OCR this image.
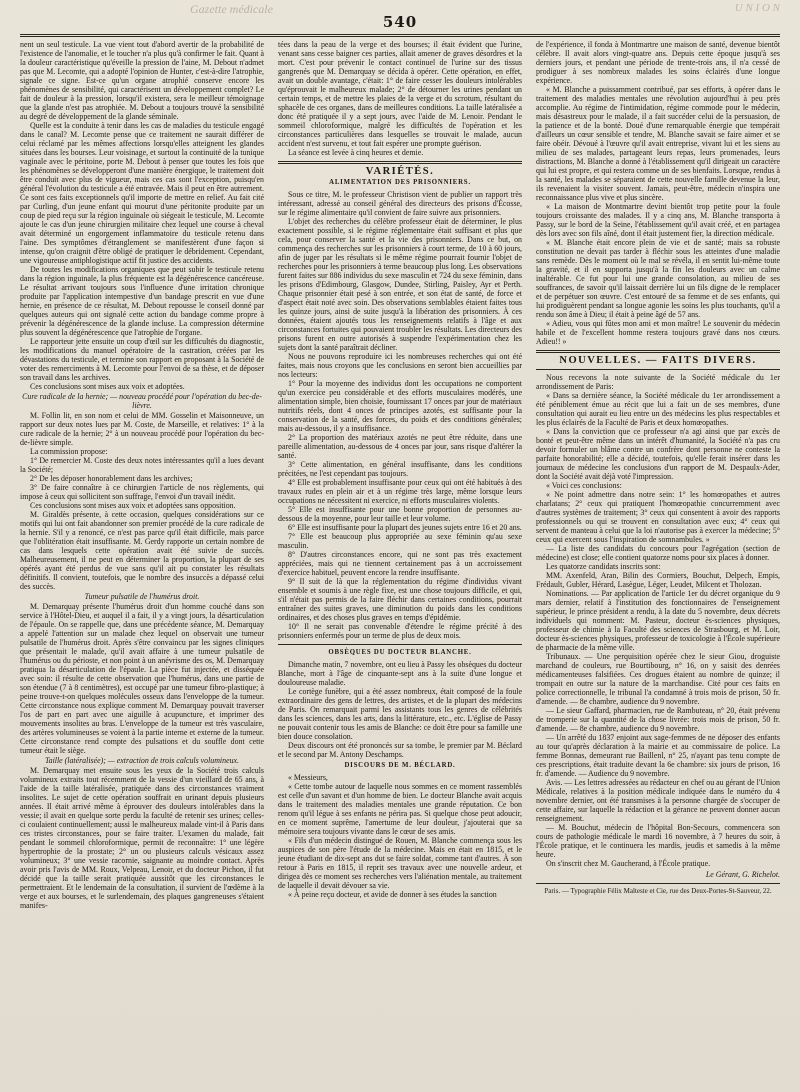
Gazette médicale
540
U N I O N

nent un seul testicule. La vue vient tout d'abord avertir de la probabilité de l'existence de l'anomalie, et le toucher n'a plus qu'à confirmer le fait. Quant à la douleur caractéristique qu'éveille la pression de l'aine, M. Debout n'admet pas que M. Lecomte, qui a adopté l'opinion de Hunter, c'est-à-dire l'atrophie, signale ce signe. Est-ce qu'un organe atrophié conserve encore les phénomènes de sensibilité, qui caractérisent un développement complet? Le fait de douleur à la pression, lorsqu'il existera, sera le meilleur témoignage que la glande n'est pas atrophiée. M. Debout a toujours trouvé la sensibilité au degré de développement de la glande séminale.

Quelle est la conduite à tenir dans les cas de maladies du testicule engagé dans le canal? M. Lecomte pense que ce traitement ne saurait différer de celui réclamé par les mêmes affections lorsqu'elles atteignent les glandes situées dans les bourses. Leur voisinage, et surtout la continuité de la tunique vaginale avec le péritoine, porte M. Debout à penser que toutes les fois que les phénomènes se développeront d'une manière énergique, le traitement doit être conduit avec plus de vigueur, mais ces cas sont l'exception, puisqu'en général l'évolution du testicule a été entravée. Mais il peut en être autrement. Ce sont ces faits exceptionnels qu'il importe de mettre en relief. Au fait cité par Curling, d'un jeune enfant qui mourut d'une péritonite produite par un coup de pied reçu sur la région inguinale où siégeait le testicule, M. Lecomte ajoute le cas d'un jeune chirurgien militaire chez lequel une course à cheval avait déterminé un engorgement inflammatoire du testicule retenu dans l'aine. Des symptômes d'étranglement se manifestèrent d'une façon si intense, qu'on craignit d'être obligé de pratiquer le débridement. Cependant, une vigoureuse antiphlogistique actif fit justice des accidents.

De toutes les modifications organiques que peut subir le testicule retenu dans la région inguinale, la plus fréquente est la dégénérescence cancéreuse. Le résultat arrivant toujours sous l'influence d'une irritation chronique produite par l'application intempestive d'un bandage prescrit en vue d'une hernie, en présence de ce résultat, M. Debout repousse le conseil donné par quelques auteurs qui ont signalé cette action du bandage comme propre à prévenir la dégénérescence de la glande incluse. La compression détermine plus souvent la dégénérescence que l'atrophie de l'organe.

Le rapporteur jette ensuite un coup d'œil sur les difficultés du diagnostic, les modifications du manuel opératoire de la castration, créées par les dévastations du testicule, et termine son rapport en proposant à la Société de voter des remerciments à M. Lecomte pour l'envoi de sa thèse, et de déposer son travail dans les archives.

Ces conclusions sont mises aux voix et adoptées.

Cure radicale de la hernie; — nouveau procédé pour l'opération du bec-de-lièvre.

M. Follin lit, en son nom et celui de MM. Gosselin et Maisonneuve, un rapport sur deux notes lues par M. Coste, de Marseille, et relatives: 1° à la cure radicale de la hernie; 2° à un nouveau procédé pour l'opération du bec-de-lièvre simple.

La commission propose:

1° De remercier M. Coste des deux notes intéressantes qu'il a lues devant la Société;

2° De les déposer honorablement dans les archives;

3° De faire connaître à ce chirurgien l'article de nos règlements, qui impose à ceux qui sollicitent son suffrage, l'envoi d'un travail inédit.

Ces conclusions sont mises aux voix et adoptées sans opposition.

M. Giraldès présente, à cette occasion, quelques considérations sur ce motifs qui lui ont fait abandonner son premier procédé de la cure radicale de la hernie. S'il y a renoncé, ce n'est pas parce qu'il était difficile, mais parce que l'oblitération était insuffisante. M. Gerdy rapporte un certain nombre de cas dans lesquels cette opération avait été suivie de succès. Malheureusement, il ne peut en déterminer la proportion, la plupart de ses opérés ayant été perdus de vue sans qu'il ait pu constater les résultats définitifs. Il convient, toutefois, que le nombre des insuccès a dépassé celui des succès.

Tumeur pulsatile de l'humérus droit.

M. Demarquay présente l'humérus droit d'un homme couché dans son service à l'Hôtel-Dieu, et auquel il a fait, il y a vingt jours, la désarticulation de l'épaule. On se rappelle que, dans une précédente séance, M. Demarquay a appelé l'attention sur un malade chez lequel on observait une tumeur pulsatile de l'humérus droit. Après s'être convaincu par les signes cliniques que présentait le malade, qu'il avait affaire à une tumeur pulsatile de l'humérus ou du périoste, et non point à un anévrisme des os, M. Demarquay pratiqua la désarticulation de l'épaule. La pièce fut injectée, et disséquée avec soin: il résulte de cette observation que l'humérus, dans une partie de son étendue (7 à 8 centimètres), est occupé par une tumeur fibro-plastique; à peine trouve-t-on quelques molécules osseux dans l'enveloppe de la tumeur. Cette circonstance nous explique comment M. Demarquay pouvait traverser l'os de part en part avec une aiguille à acupuncture, et imprimer des mouvements insolites au bras. L'enveloppe de la tumeur est très vasculaire, des artères volumineuses se voient à la partie interne et externe de la tumeur. Cette circonstance rend compte des pulsations et du souffle dont cette tumeur était le siège.

Taille (latéralisée); — extraction de trois calculs volumineux.

M. Demarquay met ensuite sous les yeux de la Société trois calculs volumineux extraits tout récemment de la vessie d'un vieillard de 65 ans, à l'aide de la taille latéralisée, pratiquée dans des circonstances vraiment insolites. Le sujet de cette opération souffrait en urinant depuis plusieurs années. Il était arrivé même à éprouver des douleurs intolérables dans la vessie; il avait en quelque sorte perdu la faculté de retenir ses urines; celles-ci coulaient continuellement; aussi le malheureux malade vint-il à Paris dans ces tristes circonstances, pour se faire traiter. L'examen du malade, fait pendant le sommeil chloroformique, permit de reconnaître: 1° une légère hypertrophie de la prostate; 2° un ou plusieurs calculs vésicaux assez volumineux; 3° une vessie racornie, saignante au moindre contact. Après avoir pris l'avis de MM. Roux, Velpeau, Lenoir, et du docteur Pichon, il fut décidé que la taille serait pratiquée aussitôt que les circonstances le permettraient. Et le lendemain de la consultation, il survient de l'œdème à la verge et aux bourses, et le surlendemain, des plaques gangreneuses s'étaient manifes-

tées dans la peau de la verge et des bourses; il était évident que l'urine, venant sans cesse baigner ces parties, allait amener de graves désordres et la mort. C'est pour prévenir le contact continuel de l'urine sur des tissus gangrenés que M. Demarquay se décida à opérer. Cette opération, en effet, avait un double avantage, c'était: 1° de faire cesser les douleurs intolérables qu'éprouvait le malheureux malade; 2° de détourner les urines pendant un certain temps, et de mettre les plaies de la verge et du scrotum, résultant du sphacèle de ces organes, dans de meilleures conditions. La taille latéralisée a donc été pratiquée il y a sept jours, avec l'aide de M. Lenoir. Pendant le sommeil chloroformique, malgré les difficultés de l'opération et les circonstances particulières dans lesquelles se trouvait le malade, aucun accident n'est survenu, et tout fait espérer une prompte guérison.

La séance est levée à cinq heures et demie.

VARIÉTÉS.
ALIMENTATION DES PRISONNIERS.

Sous ce titre, M. le professeur Christison vient de publier un rapport très intéressant, adressé au conseil général des directeurs des prisons d'Écosse, sur le régime alimentaire qu'il convient de faire suivre aux prisonniers.

L'objet des recherches du célèbre professeur était de déterminer, le plus exactement possible, si le régime réglementaire était suffisant et plus que cela, pour conserver la santé et la vie des prisonniers. Dans ce but, on commença des recherches sur les prisonniers à court terme, de 10 à 60 jours, afin de juger par les résultats si le même régime pourrait fournir l'objet de recherches pour les prisonniers à terme beaucoup plus long. Les observations furent faites sur 886 individus du sexe masculin et 724 du sexe féminin, dans les prisons d'Edimbourg, Glasgow, Dundee, Stirling, Paisley, Ayr et Perth. Chaque prisonnier était pesé à son entrée, et son état de santé, de force et d'aspect était noté avec soin. Des observations semblables étaient faites tous les quinze jours, ainsi de suite jusqu'à la libération des prisonniers. À ces données, étaient ajoutés tous les renseignements relatifs à l'âge et aux circonstances fortuites qui pouvaient troubler les résultats. Les directeurs des prisons furent en outre autorisés à suspendre l'expérimentation chez les sujets dont la santé paraîtrait décliner.

Nous ne pouvons reproduire ici les nombreuses recherches qui ont été faites, mais nous croyons que les conclusions en seront bien accueillies par nos lecteurs:

1° Pour la moyenne des individus dont les occupations ne comportent qu'un exercice peu considérable et des efforts musculaires modérés, une alimentation simple, bien choisie, fournissant 17 onces par jour de matériaux nutritifs réels, dont 4 onces de principes azotés, est suffisante pour la conservation de la santé, des forces, du poids et des conditions générales; mais au-dessous, il y a insuffisance.

2° La proportion des matériaux azotés ne peut être réduite, dans une pareille alimentation, au-dessous de 4 onces par jour, sans risque d'altérer la santé.

3° Cette alimentation, en général insuffisante, dans les conditions précitées, ne l'est cependant pas toujours.

4° Elle est probablement insuffisante pour ceux qui ont été habitués à des travaux rudes en plein air et à un régime très large, même lorsque leurs occupations ne nécessitent ni exercice, ni efforts musculaires violents.

5° Elle est insuffisante pour une bonne proportion de personnes au-dessous de la moyenne, pour leur taille et leur volume.

6° Elle est insuffisante pour la plupart des jeunes sujets entre 16 et 20 ans.

7° Elle est beaucoup plus appropriée au sexe féminin qu'au sexe masculin.

8° D'autres circonstances encore, qui ne sont pas très exactement appréciées, mais qui ne tiennent certainement pas à un accroissement d'exercice habituel, peuvent encore la rendre insuffisante.

9° Il suit de là que la réglementation du régime d'individus vivant ensemble et soumis à une règle fixe, est une chose toujours difficile, et qui, s'il n'était pas permis de la faire fléchir dans certaines conditions, pourrait entraîner des suites graves, une diminution du poids dans les conditions ordinaires, et des choses plus graves en temps d'épidémie.

10° Il ne serait pas convenable d'étendre le régime précité à des prisonniers enfermés pour un terme de plus de deux mois.

OBSÈQUES DU DOCTEUR BLANCHE.

Dimanche matin, 7 novembre, ont eu lieu à Passy les obsèques du docteur Blanche, mort à l'âge de cinquante-sept ans à la suite d'une longue et douloureuse maladie.

Le cortège funèbre, qui a été assez nombreux, était composé de la foule extraordinaire des gens de lettres, des artistes, et de la plupart des médecins de Paris. On remarquait parmi les assistants tous les genres de célébrités dans les sciences, dans les arts, dans la littérature, etc., etc. L'église de Passy ne pouvait contenir tous les amis de Blanche: ce doit être pour sa famille une bien douce consolation.

Deux discours ont été prononcés sur sa tombe, le premier par M. Béclard et le second par M. Antony Deschamps.

DISCOURS DE M. BÉCLARD.

« Messieurs,

« Cette tombe autour de laquelle nous sommes en ce moment rassemblés est celle d'un savant et d'un homme de bien. Le docteur Blanche avait acquis dans le traitement des maladies mentales une grande réputation. Ce bon renom qu'il légue à ses enfants ne périra pas. Si quelque chose peut adoucir, en ce moment suprême, l'amertume de leur douleur, j'ajouterai que sa mémoire sera toujours vivante dans le cœur de ses amis.

« Fils d'un médecin distingué de Rouen, M. Blanche commença sous les auspices de son père l'étude de la médecine. Mais en était en 1815, et le jeune étudiant de dix-sept ans dut se faire soldat, comme tant d'autres. À son retour à Paris en 1815, il reprit ses travaux avec une nouvelle ardeur, et dirigea dès ce moment ses recherches vers l'aliénation mentale, au traitement de laquelle il devait dévouer sa vie.

« À peine reçu docteur, et avide de donner à ses études la sanction

de l'expérience, il fonda à Montmartre une maison de santé, devenue bientôt célèbre. Il avait alors vingt-quatre ans. Depuis cette époque jusqu'à ses derniers jours, et pendant une période de trente-trois ans, il n'a cessé de prodiguer à ses nombreux malades les soins éclairés d'une longue expérience.

« M. Blanche a puissamment contribué, par ses efforts, à opérer dans le traitement des maladies mentales une révolution aujourd'hui à peu près accomplie. Au régime de l'intimidation, régime commode pour le médecin, mais désastreux pour le malade, il a fait succéder celui de la persuasion, de la patience et de la bonté. Doué d'une remarquable énergie que tempérait d'ailleurs un cœur sensible et tendre, M. Blanche savait se faire aimer et se faire obéir. Dévoué à l'œuvre qu'il avait entreprise, vivant lui et les siens au milieu de ses malades, partageant leurs repas, leurs promenades, leurs distractions, M. Blanche a donné à l'établissement qu'il dirigeait un caractère qui lui est propre, et qui restera comme un de ses bienfaits. Lorsque, rendus à la santé, les malades se séparaient de cette nouvelle famille devenue la leur, ils revenaient la visiter souvent. Jamais, peut-être, médecin n'inspira une reconnaissance plus vive et plus sincère.

« La maison de Montmartre devint bientôt trop petite pour la foule toujours croissante des malades. Il y a cinq ans, M. Blanche transporta à Passy, sur le bord de la Seine, l'établissement qu'il avait créé, et en partagea dès lors avec son fils aîné, dont il était justement fier, la direction médicale.

« M. Blanche était encore plein de vie et de santé; mais sa robuste constitution ne devait pas tarder à fléchir sous les atteintes d'une maladie sans remède. Dès le moment où le mal se révéla, il en sentit lui-même toute la gravité, et il en supporta jusqu'à la fin les douleurs avec un calme inaltérable. Ce fut pour lui une grande consolation, au milieu de ses souffrances, de savoir qu'il laissait derrière lui un fils digne de le remplacer et de perpétuer son œuvre. C'est entouré de sa femme et de ses enfants, qui lui prodiguèrent pendant sa longue agonie les soins les plus touchants, qu'il a rendu son âme à Dieu; il était à peine âgé de 57 ans.

« Adieu, vous qui fûtes mon ami et mon maître! Le souvenir du médecin habile et de l'excellent homme restera toujours gravé dans nos cœurs. Adieu!! »

NOUVELLES. — FAITS DIVERS.

Nous recevons la note suivante de la Société médicale du 1er arrondissement de Paris:

« Dans sa dernière séance, la Société médicale du 1er arrondissement a été péniblement émue au récit que lui a fait un de ses membres, d'une consultation qui aurait eu lieu entre un des médecins les plus respectables et les plus éclairés de la Faculté de Paris et deux homœopathes.

« Dans la conviction que ce professeur n'a agi ainsi que par excès de bonté et peut-être même dans un intérêt d'humanité, la Société n'a pas cru devoir formuler un blâme contre un confrère dont personne ne conteste la parfaite honorabilité; elle a décidé, toutefois, qu'elle ferait insérer dans les journaux de médecine les conclusions d'un rapport de M. Despaulx-Ader, dont la Société avait déjà voté l'impression.

« Voici ces conclusions:

« Ne point admettre dans notre sein: 1° les homœopathes et autres charlatans; 2° ceux qui pratiquent l'homœopathie concurremment avec d'autres systèmes de traitement; 3° ceux qui consentent à avoir des rapports professionnels ou qui se trouvent en consultation avec eux; 4° ceux qui servent de manteau à celui que la loi n'autorise pas à exercer la médecine; 5° ceux qui exercent sous l'inspiration de somnambules. »

— La liste des candidats du concours pour l'agrégation (section de médecine) est close; elle contient quatorze noms pour six places à donner.

Les quatorze candidats inscrits sont:

MM. Axenfeld, Aran, Bilin des Cormiers, Bouchut, Delpech, Empis, Frédault, Gubler, Hérard, Lasègue, Léger, Leudet, Milcent et Tholozan.

Nominations. — Par application de l'article 1er du décret organique du 9 mars dernier, relatif à l'institution des fonctionnaires de l'enseignement supérieur, le prince président a rendu, à la date du 5 novembre, deux décrets individuels qui nomment: M. Pasteur, docteur ès-sciences physiques, professeur de chimie à la Faculté des sciences de Strasbourg, et M. Loir, docteur ès-sciences physiques, professeur de toxicologie à l'École supérieure de pharmacie de la même ville.

Tribunaux. — Une perquisition opérée chez le sieur Giou, droguiste marchand de couleurs, rue Bourtibourg, n° 16, on y saisit des denrées médicamenteuses falsifiées. Ces drogues étaient au nombre de quinze; il trompait en outre sur la nature de la marchandise. Cité pour ces faits en police correctionnelle, le tribunal l'a condamné à trois mois de prison, 50 fr. d'amende. — 8e chambre, audience du 9 novembre.

— Le sieur Gaffard, pharmacien, rue de Rambuteau, n° 20, était prévenu de tromperie sur la quantité de la chose livrée: trois mois de prison, 50 fr. d'amende. — 8e chambre, audience du 9 novembre.

— Un arrêté du 1837 enjoint aux sage-femmes de ne déposer des enfants au tour qu'après déclaration à la mairie et au commissaire de police. La femme Bonnas, demeurant rue Baillenl, n° 25, n'ayant pas tenu compte de ces prescriptions, était traduite devant la 6e chambre: six jours de prison, 16 fr. d'amende. — Audience du 9 novembre.

Avis. — Les lettres adressées au rédacteur en chef ou au gérant de l'Union Médicale, relatives à la position médicale indiquée dans le numéro du 4 novembre dernier, ont été transmises à la personne chargée de s'occuper de cette affaire, sur laquelle la rédaction et la gérance ne peuvent donner aucun renseignement.

— M. Bouchut, médecin de l'hôpital Bon-Secours, commencera son cours de pathologie médicale le mardi 16 novembre, à 7 heures du soir, à l'École pratique, et le continuera les mardis, jeudis et samedis à la même heure.

On s'inscrit chez M. Gaucherand, à l'École pratique.

Le Gérant, G. Richelot.
Paris. — Typographie Félix Malteste et Cie, rue des Deux-Portes-St-Sauveur, 22.
